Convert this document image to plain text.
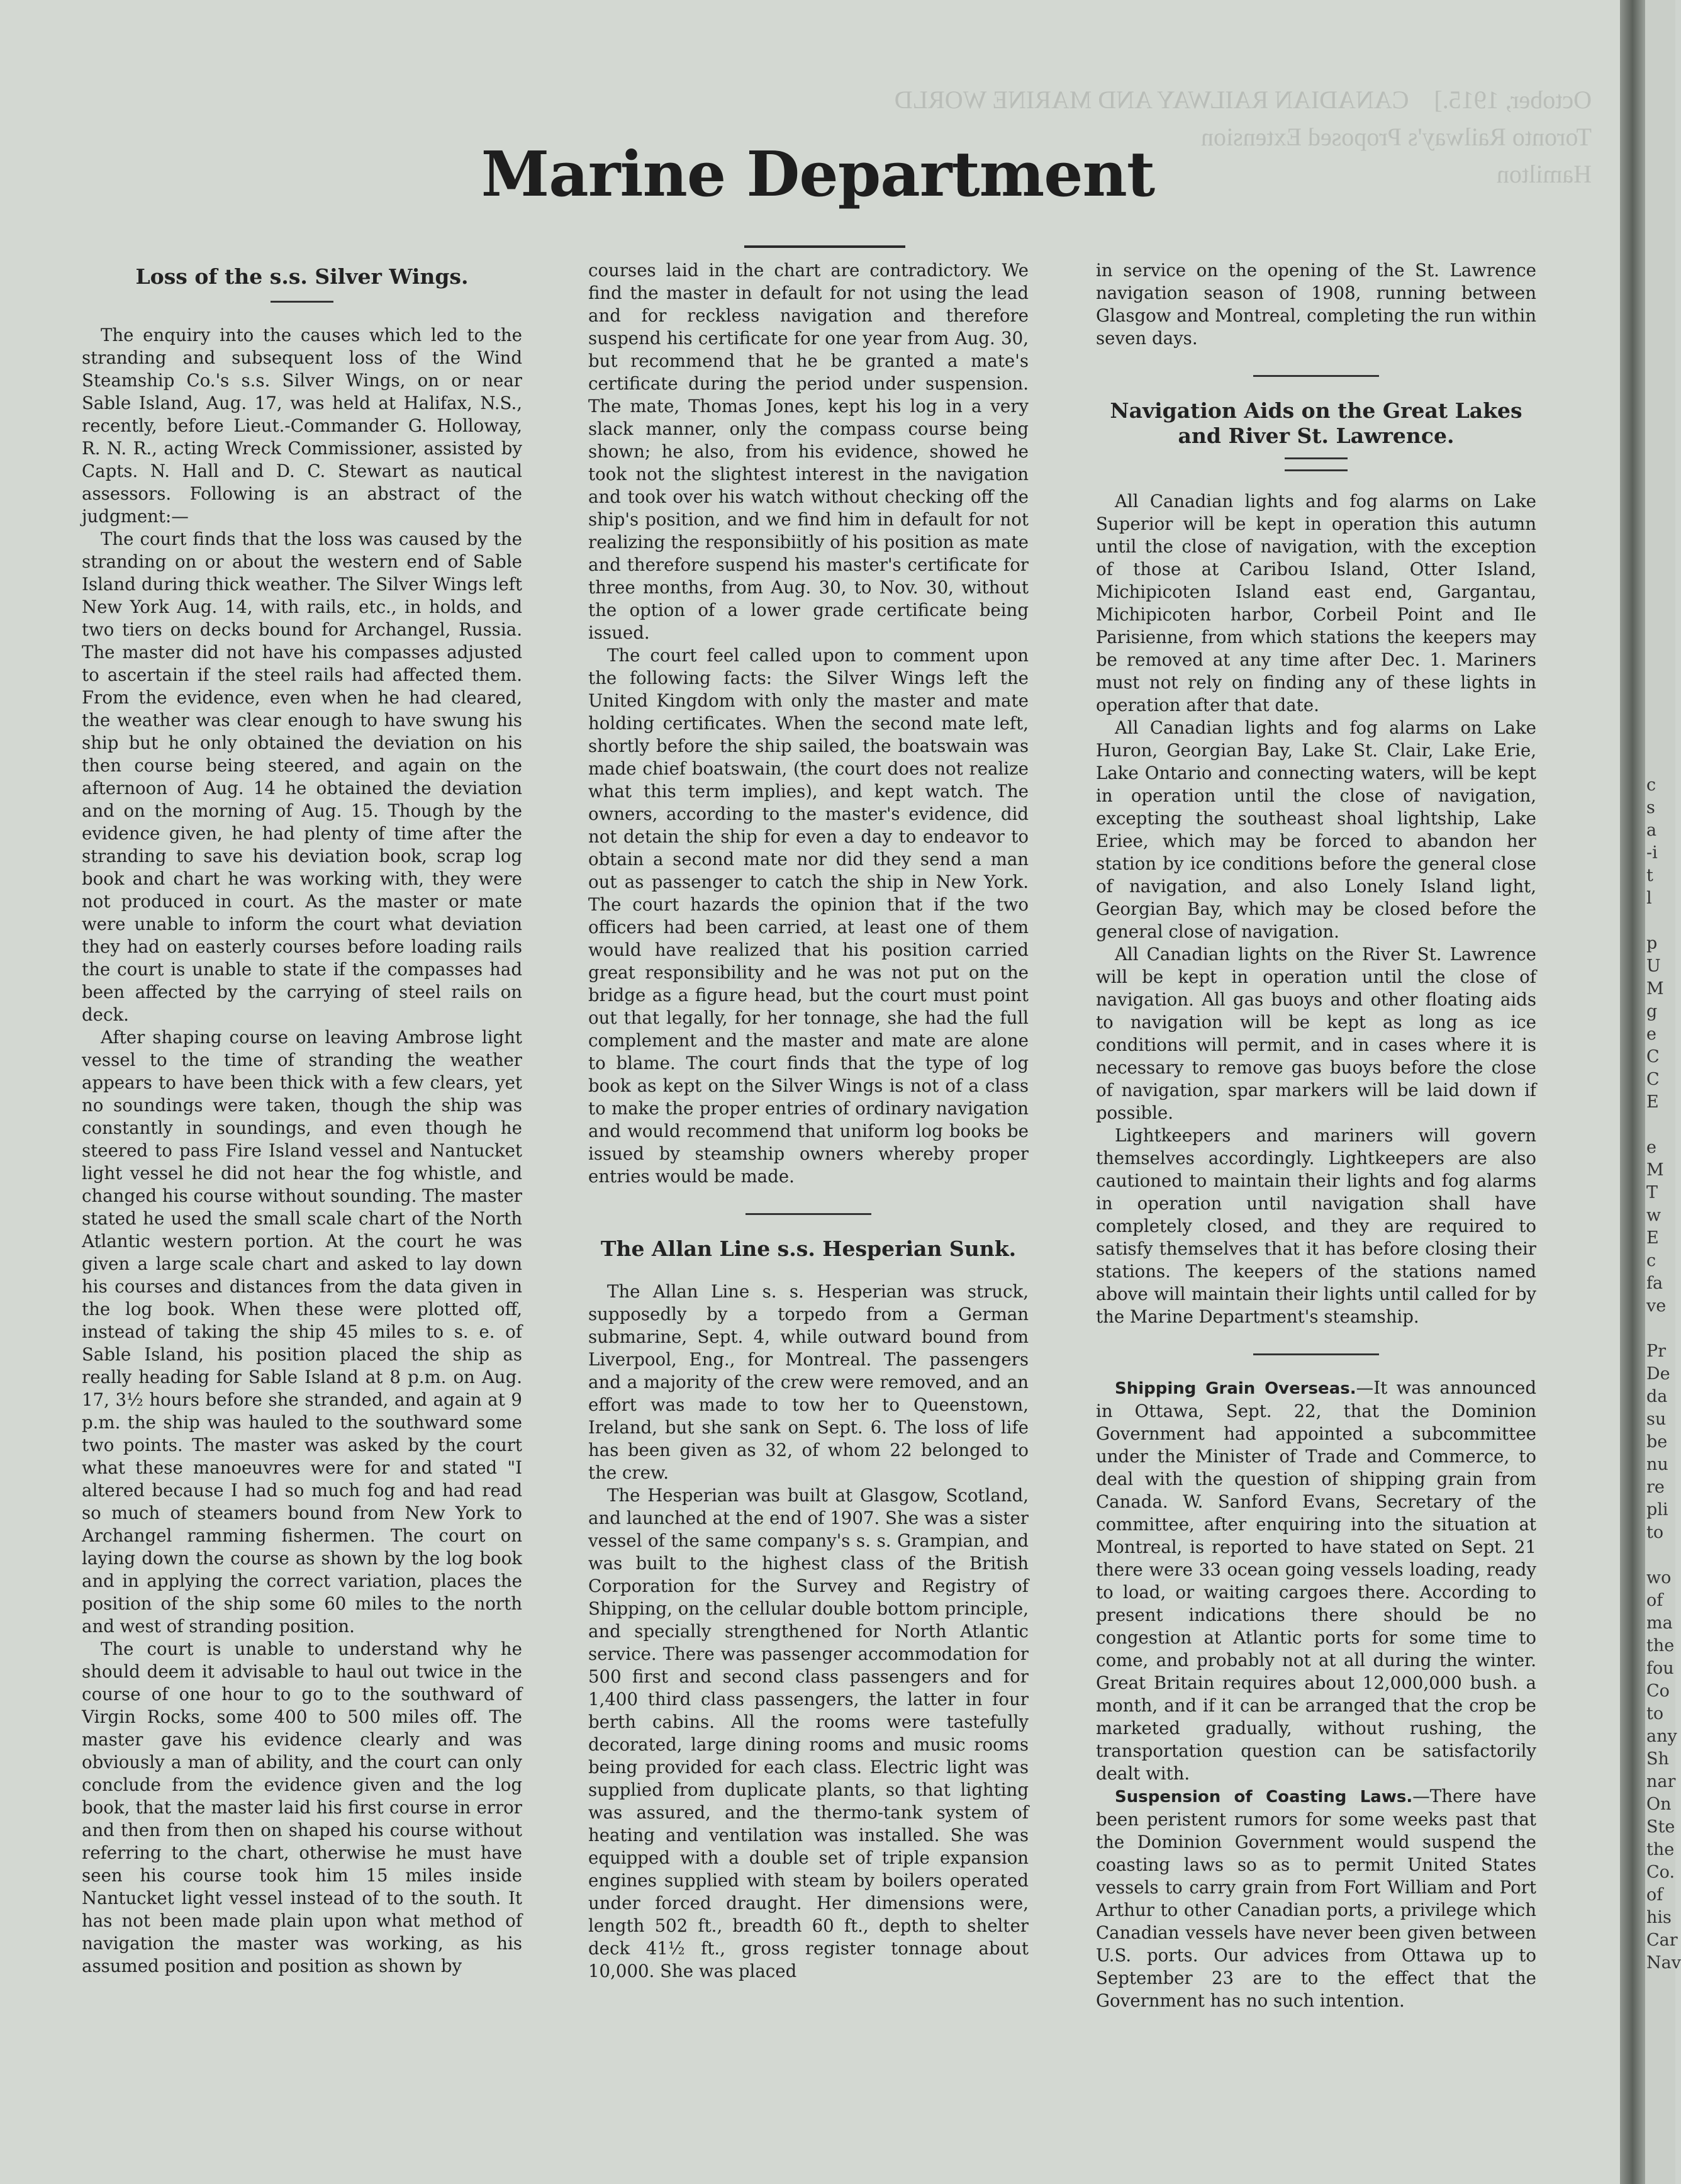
October, 1915.]    CANADIAN RAILWAY AND MARINE WORLD
Toronto Railway's Proposed Extension
Hamilton
Marine Department
Loss of the s.s. Silver Wings.

The enquiry into the causes which led to the stranding and subsequent loss of the Wind Steamship Co.'s s.s. Silver Wings, on or near Sable Island, Aug. 17, was held at Halifax, N.S., recently, before Lieut.-Commander G. Holloway, R. N. R., acting Wreck Commissioner, assisted by Capts. N. Hall and D. C. Stewart as nautical assessors. Following is an abstract of the judgment:—

The court finds that the loss was caused by the stranding on or about the western end of Sable Island during thick weather. The Silver Wings left New York Aug. 14, with rails, etc., in holds, and two tiers on decks bound for Archangel, Russia. The master did not have his compasses adjusted to ascertain if the steel rails had affected them. From the evidence, even when he had cleared, the weather was clear enough to have swung his ship but he only obtained the deviation on his then course being steered, and again on the afternoon of Aug. 14 he obtained the deviation and on the morning of Aug. 15. Though by the evidence given, he had plenty of time after the stranding to save his deviation book, scrap log book and chart he was working with, they were not produced in court. As the master or mate were unable to inform the court what deviation they had on easterly courses before loading rails the court is unable to state if the compasses had been affected by the carrying of steel rails on deck.

After shaping course on leaving Ambrose light vessel to the time of stranding the weather appears to have been thick with a few clears, yet no soundings were taken, though the ship was constantly in soundings, and even though he steered to pass Fire Island vessel and Nantucket light vessel he did not hear the fog whistle, and changed his course without sounding. The master stated he used the small scale chart of the North Atlantic western portion. At the court he was given a large scale chart and asked to lay down his courses and distances from the data given in the log book. When these were plotted off, instead of taking the ship 45 miles to s. e. of Sable Island, his position placed the ship as really heading for Sable Island at 8 p.m. on Aug. 17, 3½ hours before she stranded, and again at 9 p.m. the ship was hauled to the southward some two points. The master was asked by the court what these manoeuvres were for and stated "I altered because I had so much fog and had read so much of steamers bound from New York to Archangel ramming fishermen. The court on laying down the course as shown by the log book and in applying the correct variation, places the position of the ship some 60 miles to the north and west of stranding position.

The court is unable to understand why he should deem it advisable to haul out twice in the course of one hour to go to the southward of Virgin Rocks, some 400 to 500 miles off. The master gave his evidence clearly and was obviously a man of ability, and the court can only conclude from the evidence given and the log book, that the master laid his first course in error and then from then on shaped his course without referring to the chart, otherwise he must have seen his course took him 15 miles inside Nantucket light vessel instead of to the south. It has not been made plain upon what method of navigation the master was working, as his assumed position and position as shown by

courses laid in the chart are contradictory. We find the master in default for not using the lead and for reckless navigation and therefore suspend his certificate for one year from Aug. 30, but recommend that he be granted a mate's certificate during the period under suspension. The mate, Thomas Jones, kept his log in a very slack manner, only the compass course being shown; he also, from his evidence, showed he took not the slightest interest in the navigation and took over his watch without checking off the ship's position, and we find him in default for not realizing the responsibiitly of his position as mate and therefore suspend his master's certificate for three months, from Aug. 30, to Nov. 30, without the option of a lower grade certificate being issued.

The court feel called upon to comment upon the following facts: the Silver Wings left the United Kingdom with only the master and mate holding certificates. When the second mate left, shortly before the ship sailed, the boatswain was made chief boatswain, (the court does not realize what this term implies), and kept watch. The owners, according to the master's evidence, did not detain the ship for even a day to endeavor to obtain a second mate nor did they send a man out as passenger to catch the ship in New York. The court hazards the opinion that if the two officers had been carried, at least one of them would have realized that his position carried great responsibility and he was not put on the bridge as a figure head, but the court must point out that legally, for her tonnage, she had the full complement and the master and mate are alone to blame. The court finds that the type of log book as kept on the Silver Wings is not of a class to make the proper entries of ordinary navigation and would recommend that uniform log books be issued by steamship owners whereby proper entries would be made.

The Allan Line s.s. Hesperian Sunk.

The Allan Line s. s. Hesperian was struck, supposedly by a torpedo from a German submarine, Sept. 4, while outward bound from Liverpool, Eng., for Montreal. The passengers and a majority of the crew were removed, and an effort was made to tow her to Queenstown, Ireland, but she sank on Sept. 6. The loss of life has been given as 32, of whom 22 belonged to the crew.

The Hesperian was built at Glasgow, Scotland, and launched at the end of 1907. She was a sister vessel of the same company's s. s. Grampian, and was built to the highest class of the British Corporation for the Survey and Registry of Shipping, on the cellular double bottom principle, and specially strengthened for North Atlantic service. There was passenger accommodation for 500 first and second class passengers and for 1,400 third class passengers, the latter in four berth cabins. All the rooms were tastefully decorated, large dining rooms and music rooms being provided for each class. Electric light was supplied from duplicate plants, so that lighting was assured, and the thermo-tank system of heating and ventilation was installed. She was equipped with a double set of triple expansion engines supplied with steam by boilers operated under forced draught. Her dimensions were, length 502 ft., breadth 60 ft., depth to shelter deck 41½ ft., gross register tonnage about 10,000. She was placed

in service on the opening of the St. Lawrence navigation season of 1908, running between Glasgow and Montreal, completing the run within seven days.

Navigation Aids on the Great Lakes and River St. Lawrence.

All Canadian lights and fog alarms on Lake Superior will be kept in operation this autumn until the close of navigation, with the exception of those at Caribou Island, Otter Island, Michipicoten Island east end, Gargantau, Michipicoten harbor, Corbeil Point and Ile Parisienne, from which stations the keepers may be removed at any time after Dec. 1. Mariners must not rely on finding any of these lights in operation after that date.

All Canadian lights and fog alarms on Lake Huron, Georgian Bay, Lake St. Clair, Lake Erie, Lake Ontario and connecting waters, will be kept in operation until the close of navigation, excepting the southeast shoal lightship, Lake Eriee, which may be forced to abandon her station by ice conditions before the general close of navigation, and also Lonely Island light, Georgian Bay, which may be closed before the general close of navigation.

All Canadian lights on the River St. Lawrence will be kept in operation until the close of navigation. All gas buoys and other floating aids to navigation will be kept as long as ice conditions will permit, and in cases where it is necessary to remove gas buoys before the close of navigation, spar markers will be laid down if possible.

Lightkeepers and mariners will govern themselves accordingly. Lightkeepers are also cautioned to maintain their lights and fog alarms in operation until navigation shall have completely closed, and they are required to satisfy themselves that it has before closing their stations. The keepers of the stations named above will maintain their lights until called for by the Marine Department's steamship.

Shipping Grain Overseas.—It was announced in Ottawa, Sept. 22, that the Dominion Government had appointed a subcommittee under the Minister of Trade and Commerce, to deal with the question of shipping grain from Canada. W. Sanford Evans, Secretary of the committee, after enquiring into the situation at Montreal, is reported to have stated on Sept. 21 there were 33 ocean going vessels loading, ready to load, or waiting cargoes there. According to present indications there should be no congestion at Atlantic ports for some time to come, and probably not at all during the winter. Great Britain requires about 12,000,000 bush. a month, and if it can be arranged that the crop be marketed gradually, without rushing, the transportation question can be satisfactorily dealt with.

Suspension of Coasting Laws.—There have been peristent rumors for some weeks past that the Dominion Government would suspend the coasting laws so as to permit United States vessels to carry grain from Fort William and Port Arthur to other Canadian ports, a privilege which Canadian vessels have never been given between U.S. ports. Our advices from Ottawa up to September 23 are to the effect that the Government has no such intention.

c
s
a
-i
t
l

p
U
M
g
e
C
C
E

e
M
T
w
E
c
fa
ve

Pr
De
da
su
be
nu
re
pli
to

wo
of
ma
the
fou
Co
to
any
Sh
nar
On
Ste
the
Co.
of
his
Car
Nav
